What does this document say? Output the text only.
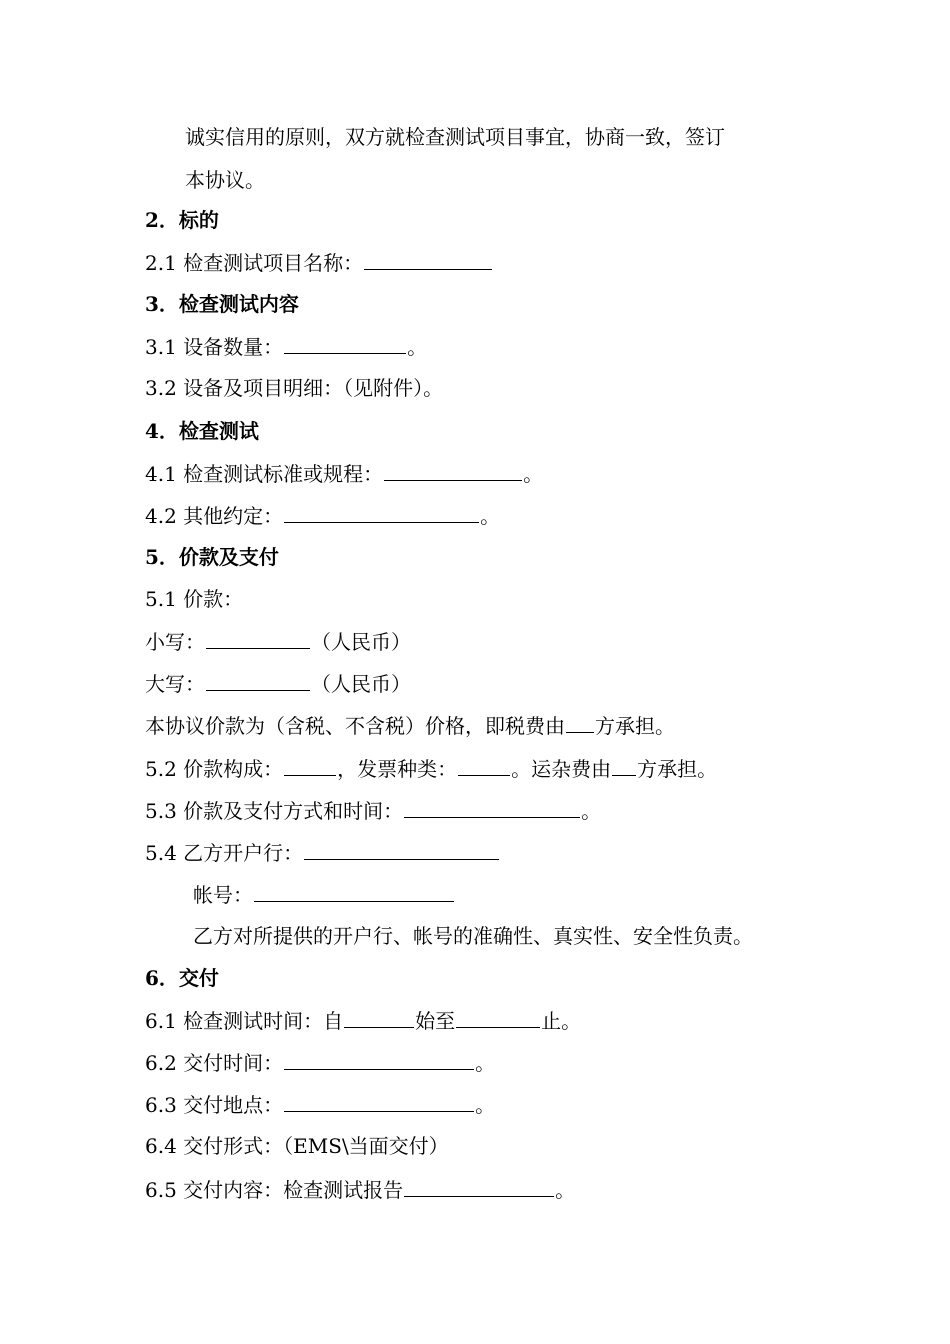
诚实信用的原则，双方就检查测试项目事宜，协商一致，签订
本协议。
2．标的
2.1 检查测试项目名称：
3．检查测试内容
3.1 设备数量：	。
3.2 设备及项目明细：（见附件）。
4．检查测试
4.1 检查测试标准或规程：	。
4.2 其他约定：	。
5．价款及支付
5.1 价款：
小写：	（人民币）
大写：	（人民币）
本协议价款为（含税、不含税）价格，即税费由 方承担。
5.2 价款构成：	，发票种类：	。运杂费由 方承担。
5.3 价款及支付方式和时间：	。
5.4 乙方开户行：
帐号：
乙方对所提供的开户行、帐号的准确性、真实性、安全性负责。
6．交付
6.1 检查测试时间：自	始至	止。
6.2 交付时间：	。
6.3 交付地点：	。
6.4 交付形式：（EMS\当面交付）
6.5 交付内容：检查测试报告	。
